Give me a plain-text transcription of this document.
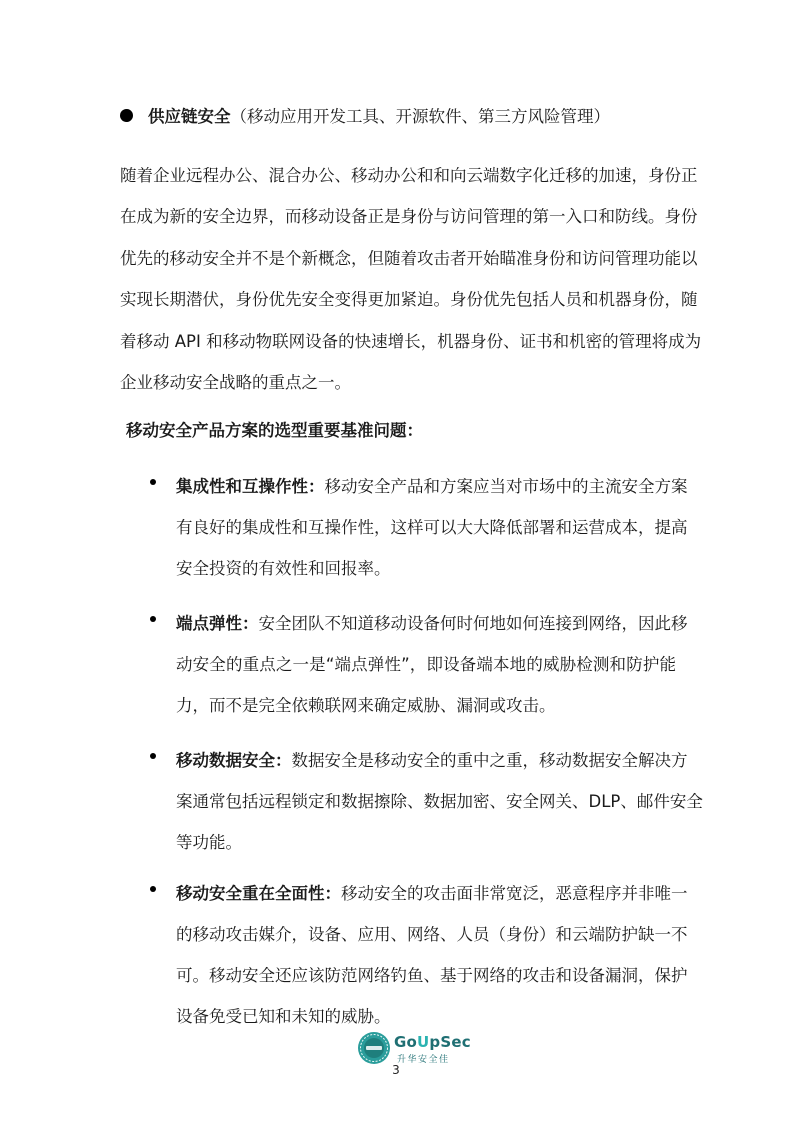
供应链安全（移动应用开发工具、开源软件、第三方风险管理）
随着企业远程办公、混合办公、移动办公和和向云端数字化迁移的加速，身份正
在成为新的安全边界，而移动设备正是身份与访问管理的第一入口和防线。身份
优先的移动安全并不是个新概念，但随着攻击者开始瞄准身份和访问管理功能以
实现长期潜伏，身份优先安全变得更加紧迫。身份优先包括人员和机器身份，随
着移动 API 和移动物联网设备的快速增长，机器身份、证书和机密的管理将成为
企业移动安全战略的重点之一。
移动安全产品方案的选型重要基准问题：
集成性和互操作性：移动安全产品和方案应当对市场中的主流安全方案
有良好的集成性和互操作性，这样可以大大降低部署和运营成本，提高
安全投资的有效性和回报率。
端点弹性：安全团队不知道移动设备何时何地如何连接到网络，因此移
动安全的重点之一是“端点弹性”，即设备端本地的威胁检测和防护能
力，而不是完全依赖联网来确定威胁、漏洞或攻击。
移动数据安全：数据安全是移动安全的重中之重，移动数据安全解决方
案通常包括远程锁定和数据擦除、数据加密、安全网关、DLP、邮件安全
等功能。
移动安全重在全面性：移动安全的攻击面非常宽泛，恶意程序并非唯一
的移动攻击媒介，设备、应用、网络、人员（身份）和云端防护缺一不
可。移动安全还应该防范网络钓鱼、基于网络的攻击和设备漏洞，保护
设备免受已知和未知的威胁。
GoUpSec
升华安全佳
3
